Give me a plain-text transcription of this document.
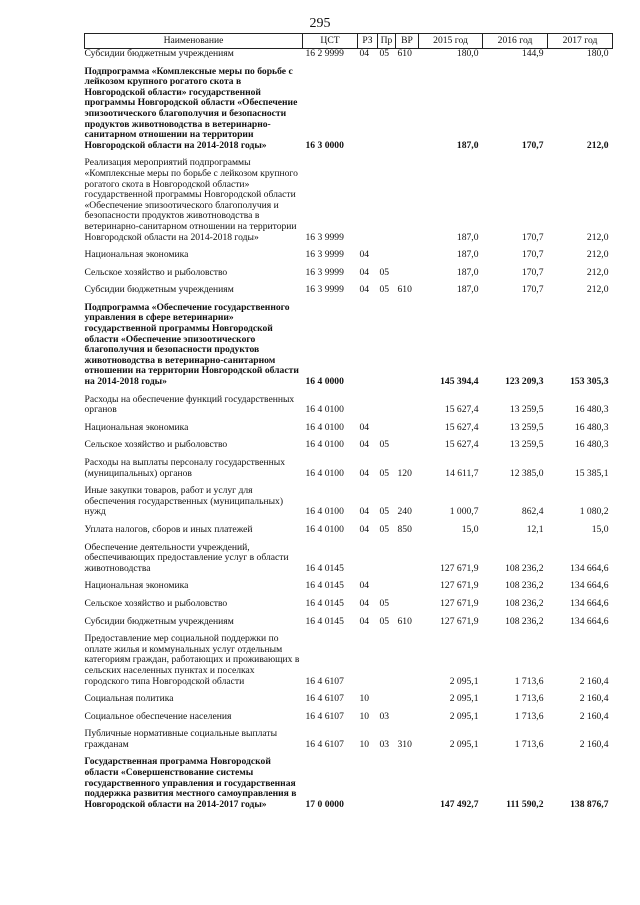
295
Наименование	ЦСТ	РЗ	Пр	ВР	2015 год	2016 год	2017 год
Субсидии бюджетным учреждениям	16 2 9999	04	05	610	180,0	144,9	180,0
Подпрограмма «Комплексные меры по борьбе с лейкозом крупного рогатого скота в Новгородской области» государственной программы Новгородской области «Обеспечение эпизоотического благополучия и безопасности продуктов животноводства в ветеринарно-санитарном отношении на территории Новгородской области на 2014-2018 годы»	16 3 0000				187,0	170,7	212,0
Реализация мероприятий подпрограммы «Комплексные меры по борьбе с лейкозом крупного рогатого скота в Новгородской области» государственной программы Новгородской области «Обеспечение эпизоотического благополучия и безопасности продуктов животноводства в ветеринарно-санитарном отношении на территории Новгородской области на 2014-2018 годы»	16 3 9999				187,0	170,7	212,0
Национальная экономика	16 3 9999	04			187,0	170,7	212,0
Сельское хозяйство и рыболовство	16 3 9999	04	05		187,0	170,7	212,0
Субсидии бюджетным учреждениям	16 3 9999	04	05	610	187,0	170,7	212,0
Подпрограмма «Обеспечение государственного управления в сфере ветеринарии» государственной программы Новгородской области «Обеспечение эпизоотического благополучия и безопасности продуктов животноводства в ветеринарно-санитарном отношении на территории Новгородской области на 2014-2018 годы»	16 4 0000				145 394,4	123 209,3	153 305,3
Расходы на обеспечение функций государственных органов	16 4 0100				15 627,4	13 259,5	16 480,3
Национальная экономика	16 4 0100	04			15 627,4	13 259,5	16 480,3
Сельское хозяйство и рыболовство	16 4 0100	04	05		15 627,4	13 259,5	16 480,3
Расходы на выплаты персоналу государственных (муниципальных) органов	16 4 0100	04	05	120	14 611,7	12 385,0	15 385,1
Иные закупки товаров, работ и услуг для обеспечения государственных (муниципальных) нужд	16 4 0100	04	05	240	1 000,7	862,4	1 080,2
Уплата налогов, сборов и иных платежей	16 4 0100	04	05	850	15,0	12,1	15,0
Обеспечение деятельности учреждений, обеспечивающих предоставление услуг в области животноводства	16 4 0145				127 671,9	108 236,2	134 664,6
Национальная экономика	16 4 0145	04			127 671,9	108 236,2	134 664,6
Сельское хозяйство и рыболовство	16 4 0145	04	05		127 671,9	108 236,2	134 664,6
Субсидии бюджетным учреждениям	16 4 0145	04	05	610	127 671,9	108 236,2	134 664,6
Предоставление мер социальной поддержки по оплате жилья и коммунальных услуг отдельным категориям граждан, работающих и проживающих в сельских населенных пунктах и поселках городского типа Новгородской области	16 4 6107				2 095,1	1 713,6	2 160,4
Социальная политика	16 4 6107	10			2 095,1	1 713,6	2 160,4
Социальное обеспечение населения	16 4 6107	10	03		2 095,1	1 713,6	2 160,4
Публичные нормативные социальные выплаты гражданам	16 4 6107	10	03	310	2 095,1	1 713,6	2 160,4
Государственная программа Новгородской области «Совершенствование системы государственного управления и государственная поддержка развития местного самоуправления в Новгородской области на 2014-2017 годы»	17 0 0000				147 492,7	111 590,2	138 876,7
